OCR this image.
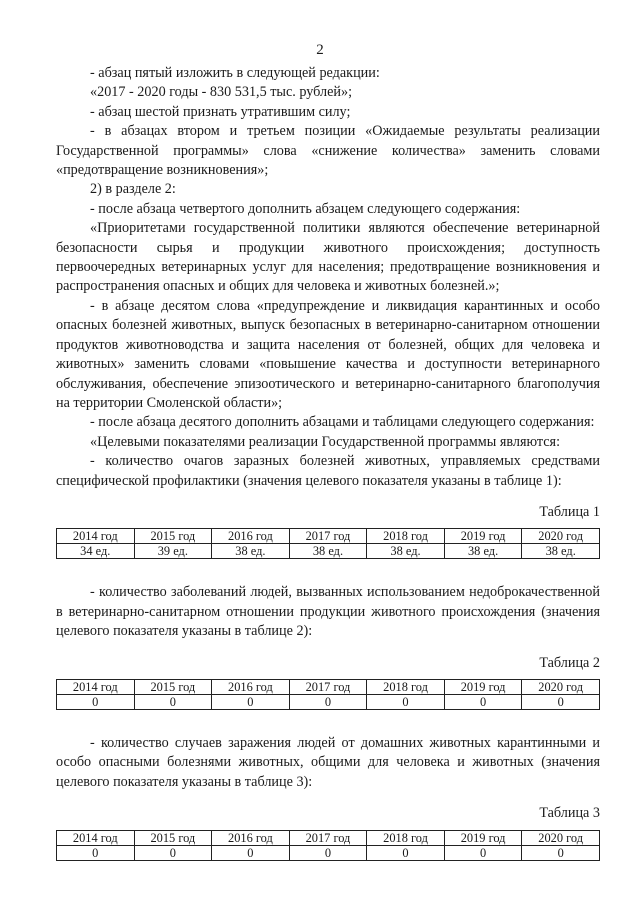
2

- абзац пятый изложить в следующей редакции:

«2017 - 2020 годы - 830 531,5 тыс. рублей»;

- абзац шестой признать утратившим силу;

- в абзацах втором и третьем позиции «Ожидаемые результаты реализации Государственной программы» слова «снижение количества» заменить словами «предотвращение возникновения»;

2) в разделе 2:

- после абзаца четвертого дополнить абзацем следующего содержания:

«Приоритетами государственной политики являются обеспечение ветеринарной безопасности сырья и продукции животного происхождения; доступность первоочередных ветеринарных услуг для населения; предотвращение возникновения и распространения опасных и общих для человека и животных болезней.»;

- в абзаце десятом слова «предупреждение и ликвидация карантинных и особо опасных болезней животных, выпуск безопасных в ветеринарно-санитарном отношении продуктов животноводства и защита населения от болезней, общих для человека и животных» заменить словами «повышение качества и доступности ветеринарного обслуживания, обеспечение эпизоотического и ветеринарно-санитарного благополучия на территории Смоленской области»;

- после абзаца десятого дополнить абзацами и таблицами следующего содержания:

«Целевыми показателями реализации Государственной программы являются:

- количество очагов заразных болезней животных, управляемых средствами специфической профилактики (значения целевого показателя указаны в таблице 1):

Таблица 1

2014 год	2015 год	2016 год	2017 год	2018 год	2019 год	2020 год
34 ед.	39 ед.	38 ед.	38 ед.	38 ед.	38 ед.	38 ед.

- количество заболеваний людей, вызванных использованием недоброкачественной в ветеринарно-санитарном отношении продукции животного происхождения (значения целевого показателя указаны в таблице 2):

Таблица 2

2014 год	2015 год	2016 год	2017 год	2018 год	2019 год	2020 год
0	0	0	0	0	0	0

- количество случаев заражения людей от домашних животных карантинными и особо опасными болезнями животных, общими для человека и животных (значения целевого показателя указаны в таблице 3):

Таблица 3

2014 год	2015 год	2016 год	2017 год	2018 год	2019 год	2020 год
0	0	0	0	0	0	0
